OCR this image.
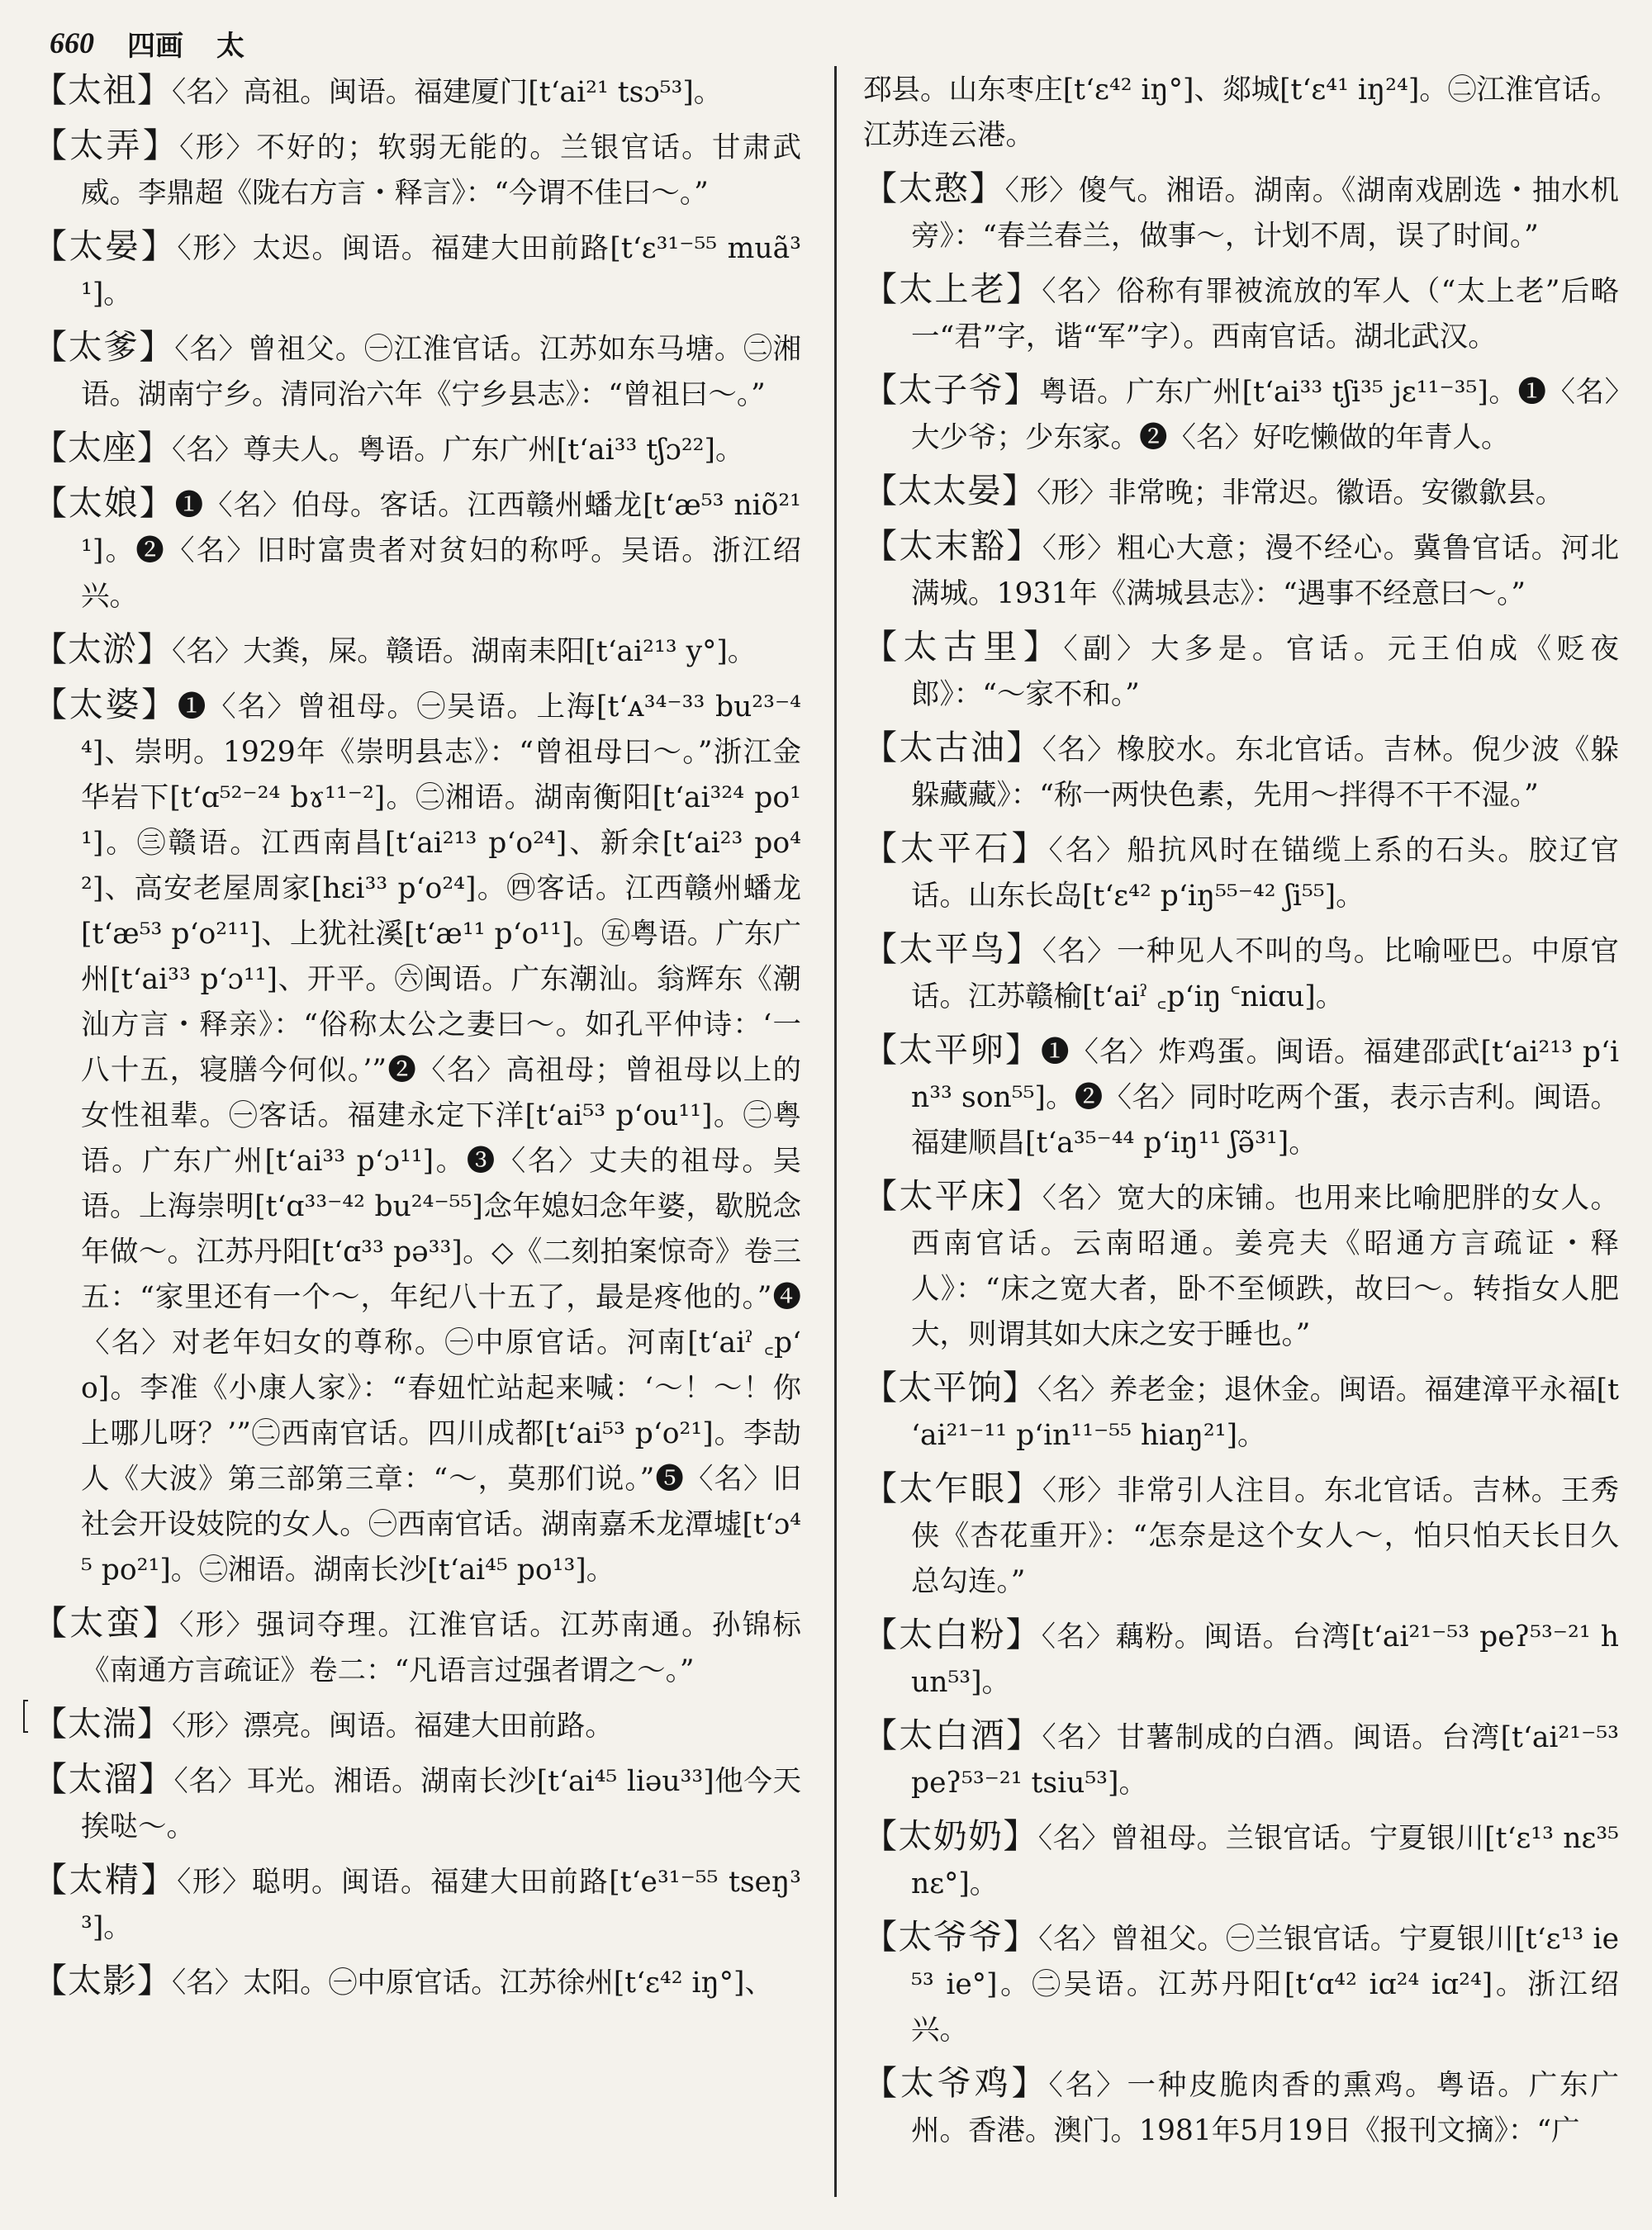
660 四画 太
【太祖】〈名〉高祖。闽语。福建厦门[tʻai²¹ tsɔ⁵³]。
【太弄】〈形〉不好的；软弱无能的。兰银官话。甘肃武威。李鼎超《陇右方言・释言》：“今谓不佳曰～。”
【太晏】〈形〉太迟。闽语。福建大田前路[tʻɛ³¹⁻⁵⁵ muã³¹]。
【太爹】〈名〉曾祖父。㊀江淮官话。江苏如东马塘。㊁湘语。湖南宁乡。清同治六年《宁乡县志》：“曾祖曰～。”
【太座】〈名〉尊夫人。粤语。广东广州[tʻai³³ tʃɔ²²]。
【太娘】❶〈名〉伯母。客话。江西赣州蟠龙[tʻæ⁵³ niõ²¹¹]。❷〈名〉旧时富贵者对贫妇的称呼。吴语。浙江绍兴。
【太淤】〈名〉大粪，屎。赣语。湖南耒阳[tʻai²¹³ y°]。
【太婆】❶〈名〉曾祖母。㊀吴语。上海[tʻᴀ³⁴⁻³³ bu²³⁻⁴⁴]、崇明。1929年《崇明县志》：“曾祖母曰～。”浙江金华岩下[tʻɑ⁵²⁻²⁴ bɤ¹¹⁻²]。㊁湘语。湖南衡阳[tʻai³²⁴ po¹¹]。㊂赣语。江西南昌[tʻai²¹³ pʻo²⁴]、新余[tʻai²³ po⁴²]、高安老屋周家[hɛi³³ pʻo²⁴]。㊃客话。江西赣州蟠龙[tʻæ⁵³ pʻo²¹¹]、上犹社溪[tʻæ¹¹ pʻo¹¹]。㊄粤语。广东广州[tʻai³³ pʻɔ¹¹]、开平。㊅闽语。广东潮汕。翁辉东《潮汕方言・释亲》：“俗称太公之妻曰～。如孔平仲诗：‘一八十五，寝膳今何似。’”❷〈名〉高祖母；曾祖母以上的女性祖辈。㊀客话。福建永定下洋[tʻai⁵³ pʻou¹¹]。㊁粤语。广东广州[tʻai³³ pʻɔ¹¹]。❸〈名〉丈夫的祖母。吴语。上海崇明[tʻɑ³³⁻⁴² bu²⁴⁻⁵⁵]念年媳妇念年婆，歇脱念年做～。江苏丹阳[tʻɑ³³ pə³³]。◇《二刻拍案惊奇》卷三五：“家里还有一个～，年纪八十五了，最是疼他的。”❹〈名〉对老年妇女的尊称。㊀中原官话。河南[tʻaiˀ ꜀pʻo]。李准《小康人家》：“春妞忙站起来喊：‘～！～！你上哪儿呀？’”㊁西南官话。四川成都[tʻai⁵³ pʻo²¹]。李劼人《大波》第三部第三章：“～，莫那们说。”❺〈名〉旧社会开设妓院的女人。㊀西南官话。湖南嘉禾龙潭墟[tʻɔ⁴⁵ po²¹]。㊁湘语。湖南长沙[tʻai⁴⁵ po¹³]。
【太蛮】〈形〉强词夺理。江淮官话。江苏南通。孙锦标《南通方言疏证》卷二：“凡语言过强者谓之～。”
【太湍】〈形〉漂亮。闽语。福建大田前路。
【太溜】〈名〉耳光。湘语。湖南长沙[tʻai⁴⁵ liəu³³]他今天挨哒～。
【太精】〈形〉聪明。闽语。福建大田前路[tʻe³¹⁻⁵⁵ tseŋ³³]。
【太影】〈名〉太阳。㊀中原官话。江苏徐州[tʻɛ⁴² iŋ°]、
邳县。山东枣庄[tʻɛ⁴² iŋ°]、郯城[tʻɛ⁴¹ iŋ²⁴]。㊁江淮官话。江苏连云港。
【太憨】〈形〉傻气。湘语。湖南。《湖南戏剧选・抽水机旁》：“春兰春兰，做事～，计划不周，误了时间。”
【太上老】〈名〉俗称有罪被流放的军人（“太上老”后略一“君”字，谐“军”字）。西南官话。湖北武汉。
【太子爷】粤语。广东广州[tʻai³³ tʃi³⁵ jɛ¹¹⁻³⁵]。❶〈名〉大少爷；少东家。❷〈名〉好吃懒做的年青人。
【太太晏】〈形〉非常晚；非常迟。徽语。安徽歙县。
【太末豁】〈形〉粗心大意；漫不经心。冀鲁官话。河北满城。1931年《满城县志》：“遇事不经意曰～。”
【太古里】〈副〉大多是。官话。元王伯成《贬夜郎》：“～家不和。”
【太古油】〈名〉橡胶水。东北官话。吉林。倪少波《躲躲藏藏》：“称一两快色素，先用～拌得不干不湿。”
【太平石】〈名〉船抗风时在锚缆上系的石头。胶辽官话。山东长岛[tʻɛ⁴² pʻiŋ⁵⁵⁻⁴² ʃi⁵⁵]。
【太平鸟】〈名〉一种见人不叫的鸟。比喻哑巴。中原官话。江苏赣榆[tʻaiˀ ꜀pʻiŋ ꜂niɑu]。
【太平卵】❶〈名〉炸鸡蛋。闽语。福建邵武[tʻai²¹³ pʻin³³ son⁵⁵]。❷〈名〉同时吃两个蛋，表示吉利。闽语。福建顺昌[tʻa³⁵⁻⁴⁴ pʻiŋ¹¹ ʃə̃³¹]。
【太平床】〈名〉宽大的床铺。也用来比喻肥胖的女人。西南官话。云南昭通。姜亮夫《昭通方言疏证・释人》：“床之宽大者，卧不至倾跌，故曰～。转指女人肥大，则谓其如大床之安于睡也。”
【太平饷】〈名〉养老金；退休金。闽语。福建漳平永福[tʻai²¹⁻¹¹ pʻin¹¹⁻⁵⁵ hiaŋ²¹]。
【太乍眼】〈形〉非常引人注目。东北官话。吉林。王秀侠《杏花重开》：“怎奈是这个女人～，怕只怕天长日久总勾连。”
【太白粉】〈名〉藕粉。闽语。台湾[tʻai²¹⁻⁵³ peʔ⁵³⁻²¹ hun⁵³]。
【太白酒】〈名〉甘薯制成的白酒。闽语。台湾[tʻai²¹⁻⁵³ peʔ⁵³⁻²¹ tsiu⁵³]。
【太奶奶】〈名〉曾祖母。兰银官话。宁夏银川[tʻɛ¹³ nɛ³⁵ nɛ°]。
【太爷爷】〈名〉曾祖父。㊀兰银官话。宁夏银川[tʻɛ¹³ ie⁵³ ie°]。㊁吴语。江苏丹阳[tʻɑ⁴² iɑ²⁴ iɑ²⁴]。浙江绍兴。
【太爷鸡】〈名〉一种皮脆肉香的熏鸡。粤语。广东广州。香港。澳门。1981年5月19日《报刊文摘》：“广
